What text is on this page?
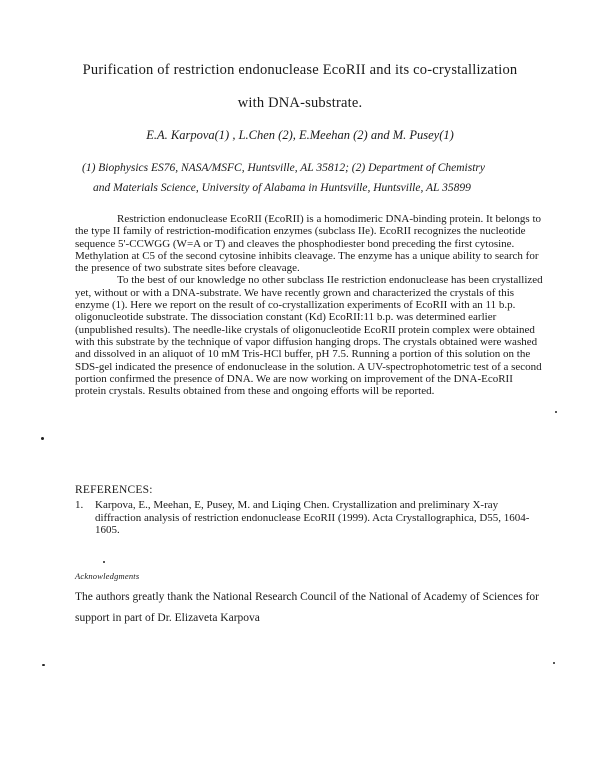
Purification of restriction endonuclease EcoRII and its co-crystallization

with DNA-substrate.

E.A. Karpova(1) , L.Chen (2), E.Meehan (2) and M. Pusey(1)

(1) Biophysics ES76, NASA/MSFC, Huntsville, AL 35812; (2) Department of Chemistry
and Materials Science, University of Alabama in Huntsville, Huntsville, AL 35899

Restriction endonuclease EcoRII (EcoRII) is a homodimeric DNA-binding protein. It belongs to the type II family of restriction-modification enzymes (subclass IIe). EcoRII recognizes the nucleotide sequence 5'-CCWGG (W=A or T) and cleaves the phosphodiester bond preceding the first cytosine. Methylation at C5 of the second cytosine inhibits cleavage. The enzyme has a unique ability to search for the presence of two substrate sites before cleavage.

To the best of our knowledge no other subclass IIe restriction endonuclease has been crystallized yet, without or with a DNA-substrate. We have recently grown and characterized the crystals of this enzyme (1). Here we report on the result of co-crystallization experiments of EcoRII with an 11 b.p. oligonucleotide substrate. The dissociation constant (Kd) EcoRII:11 b.p. was determined earlier (unpublished results). The needle-like crystals of oligonucleotide EcoRII protein complex were obtained with this substrate by the technique of vapor diffusion hanging drops. The crystals obtained were washed and dissolved in an aliquot of 10 mM Tris-HCl buffer, pH 7.5. Running a portion of this solution on the SDS-gel indicated the presence of endonuclease in the solution. A UV-spectrophotometric test of a second portion confirmed the presence of DNA. We are now working on improvement of the DNA-EcoRII protein crystals. Results obtained from these and ongoing efforts will be reported.

REFERENCES:

1. Karpova, E., Meehan, E, Pusey, M. and Liqing Chen. Crystallization and preliminary X-ray diffraction analysis of restriction endonuclease EcoRII (1999). Acta Crystallographica, D55, 1604-1605.

Acknowledgments

The authors greatly thank the National Research Council of the National of Academy of Sciences for support in part of Dr. Elizaveta Karpova
